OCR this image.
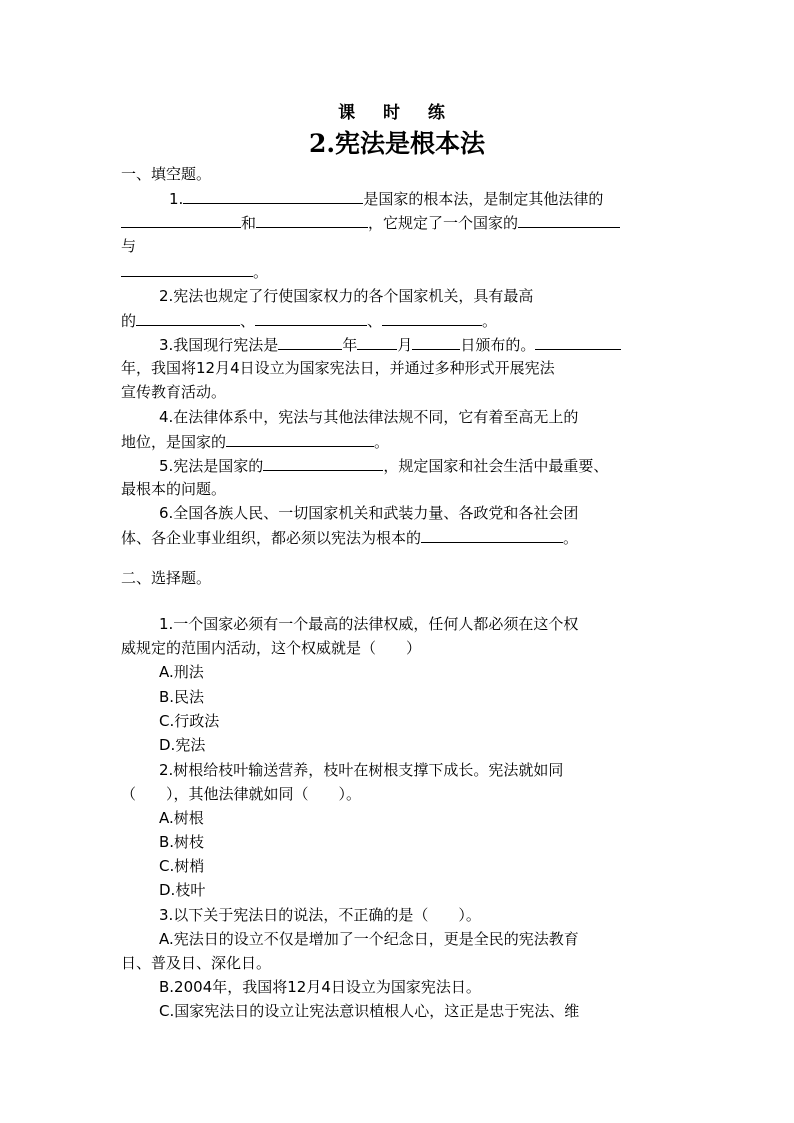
课 时 练
2.宪法是根本法
一、填空题。
1.	是国家的根本法，是制定其他法律的
和	，它规定了一个国家的
与
。
2.宪法也规定了行使国家权力的各个国家机关，具有最高
的	、	、	。
3.我国现行宪法是	年	月	日颁布的。
年，我国将12月4日设立为国家宪法日，并通过多种形式开展宪法
宣传教育活动。
4.在法律体系中，宪法与其他法律法规不同，它有着至高无上的
地位，是国家的	。
5.宪法是国家的	，规定国家和社会生活中最重要、
最根本的问题。
6.全国各族人民、一切国家机关和武装力量、各政党和各社会团
体、各企业事业组织，都必须以宪法为根本的	。
二、选择题。
1.一个国家必须有一个最高的法律权威，任何人都必须在这个权
威规定的范围内活动，这个权威就是（　　）
A.刑法
B.民法
C.行政法
D.宪法
2.树根给枝叶输送营养，枝叶在树根支撑下成长。宪法就如同
（　　），其他法律就如同（　　）。
A.树根
B.树枝
C.树梢
D.枝叶
3.以下关于宪法日的说法，不正确的是（　　）。
A.宪法日的设立不仅是增加了一个纪念日，更是全民的宪法教育
日、普及日、深化日。
B.2004年，我国将12月4日设立为国家宪法日。
C.国家宪法日的设立让宪法意识植根人心，这正是忠于宪法、维
